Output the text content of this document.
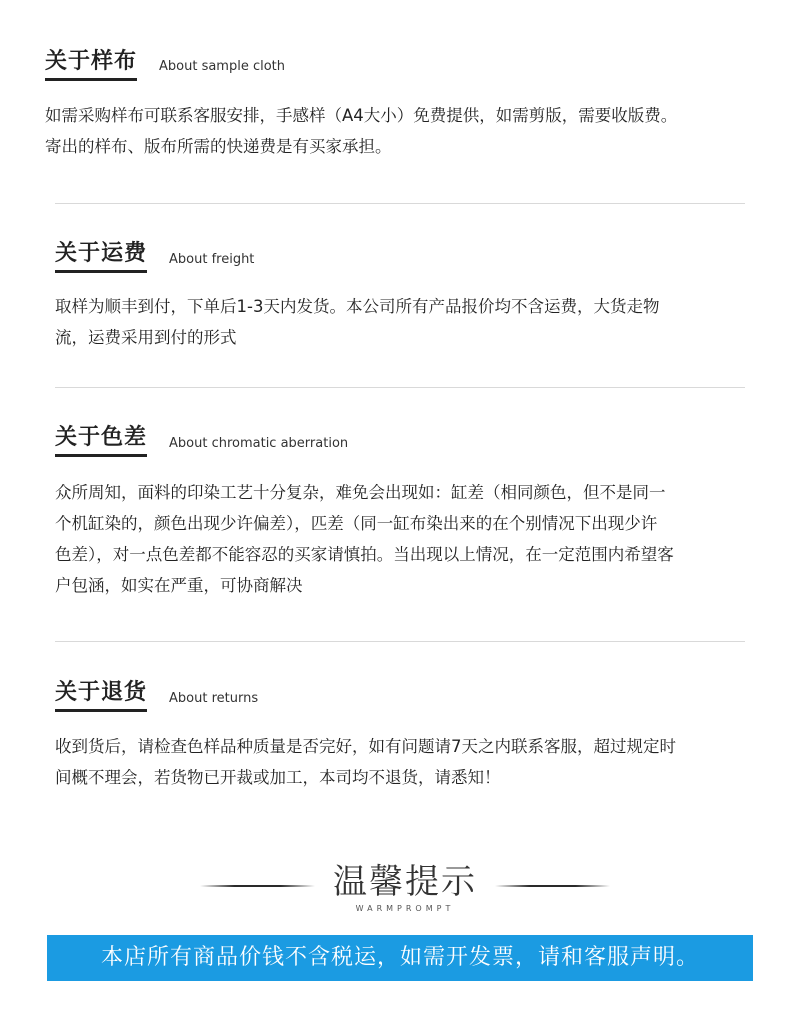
关于样布 About sample cloth
如需采购样布可联系客服安排，手感样（A4大小）免费提供，如需剪版，需要收版费。
寄出的样布、版布所需的快递费是有买家承担。
关于运费 About freight
取样为顺丰到付，下单后1-3天内发货。本公司所有产品报价均不含运费，大货走物
流，运费采用到付的形式
关于色差 About chromatic aberration
众所周知，面料的印染工艺十分复杂，难免会出现如：缸差（相同颜色，但不是同一
个机缸染的，颜色出现少许偏差），匹差（同一缸布染出来的在个别情况下出现少许
色差），对一点色差都不能容忍的买家请慎拍。当出现以上情况，在一定范围内希望客
户包涵，如实在严重，可协商解决
关于退货 About returns
收到货后，请检查色样品种质量是否完好，如有问题请7天之内联系客服，超过规定时
间概不理会，若货物已开裁或加工，本司均不退货，请悉知！
温馨提示
WARMPROMPT
本店所有商品价钱不含税运，如需开发票，请和客服声明。
